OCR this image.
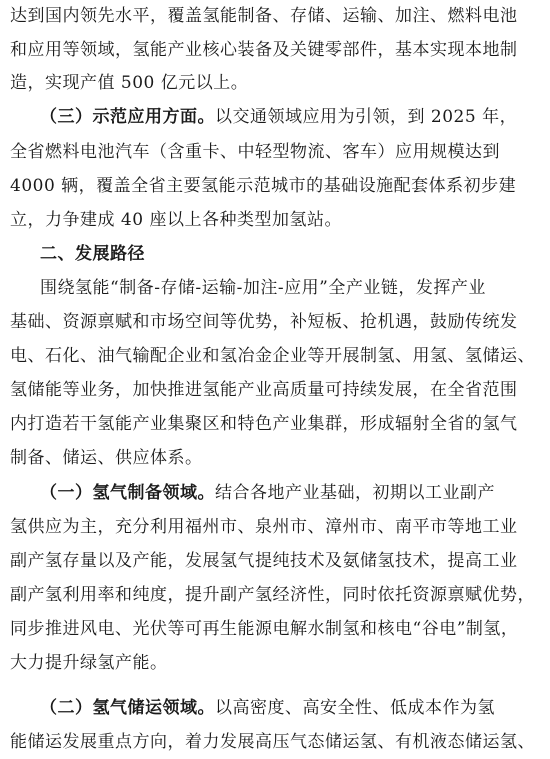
达到国内领先水平，覆盖氢能制备、存储、运输、加注、燃料电池
和应用等领域，氢能产业核心装备及关键零部件，基本实现本地制
造，实现产值 500 亿元以上。
（三）示范应用方面。以交通领域应用为引领，到 2025 年，
全省燃料电池汽车（含重卡、中轻型物流、客车）应用规模达到
4000 辆，覆盖全省主要氢能示范城市的基础设施配套体系初步建
立，力争建成 40 座以上各种类型加氢站。
二、发展路径
围绕氢能“制备-存储-运输-加注-应用”全产业链，发挥产业
基础、资源禀赋和市场空间等优势，补短板、抢机遇，鼓励传统发
电、石化、油气输配企业和氢冶金企业等开展制氢、用氢、氢储运、
氢储能等业务，加快推进氢能产业高质量可持续发展，在全省范围
内打造若干氢能产业集聚区和特色产业集群，形成辐射全省的氢气
制备、储运、供应体系。
（一）氢气制备领域。结合各地产业基础，初期以工业副产
氢供应为主，充分利用福州市、泉州市、漳州市、南平市等地工业
副产氢存量以及产能，发展氢气提纯技术及氨储氢技术，提高工业
副产氢利用率和纯度，提升副产氢经济性，同时依托资源禀赋优势，
同步推进风电、光伏等可再生能源电解水制氢和核电“谷电”制氢，
大力提升绿氢产能。
（二）氢气储运领域。以高密度、高安全性、低成本作为氢
能储运发展重点方向，着力发展高压气态储运氢、有机液态储运氢、
